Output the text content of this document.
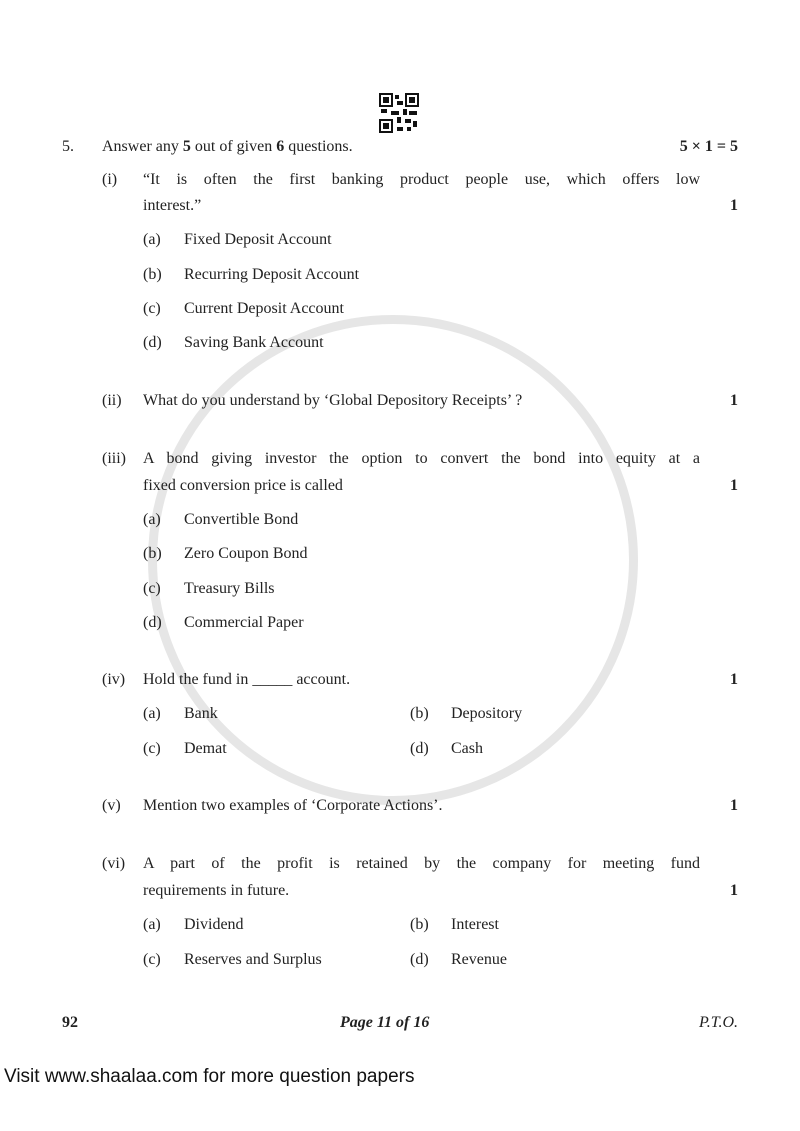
5. Answer any 5 out of given 6 questions.	5 × 1 = 5
(i) “It is often the first banking product people use, which offers low
interest.”	1
(a) Fixed Deposit Account
(b) Recurring Deposit Account
(c) Current Deposit Account
(d) Saving Bank Account
(ii) What do you understand by ‘Global Depository Receipts’ ?	1
(iii) A bond giving investor the option to convert the bond into equity at a
fixed conversion price is called	1
(a) Convertible Bond
(b) Zero Coupon Bond
(c) Treasury Bills
(d) Commercial Paper
(iv) Hold the fund in _____ account.	1
(a) Bank	(b) Depository
(c) Demat	(d) Cash
(v) Mention two examples of ‘Corporate Actions’.	1
(vi) A part of the profit is retained by the company for meeting fund
requirements in future.	1
(a) Dividend	(b) Interest
(c) Reserves and Surplus	(d) Revenue
92	Page 11 of 16	P.T.O.
Visit www.shaalaa.com for more question papers
